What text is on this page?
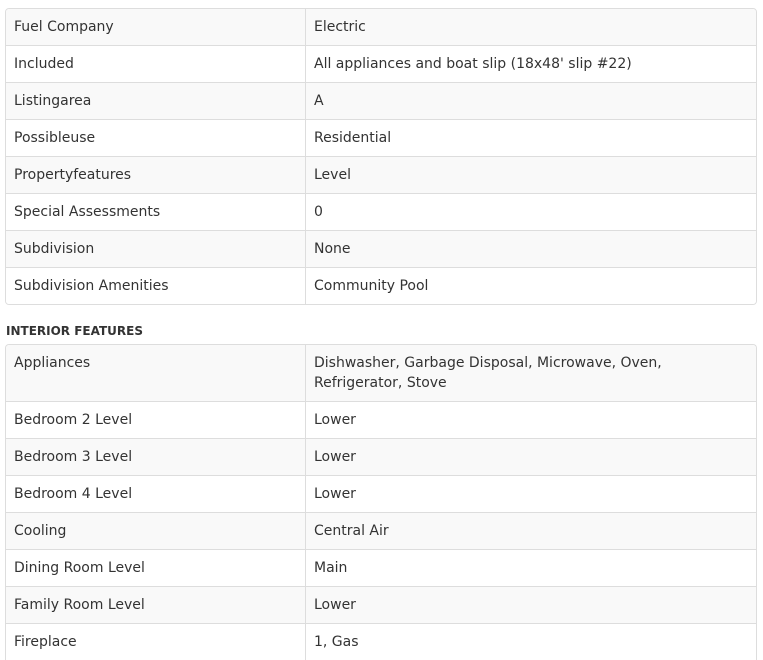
Fuel Company	Electric
Included	All appliances and boat slip (18x48' slip #22)
Listingarea	A
Possibleuse	Residential
Propertyfeatures	Level
Special Assessments	0
Subdivision	None
Subdivision Amenities	Community Pool
INTERIOR FEATURES
Appliances	Dishwasher, Garbage Disposal, Microwave, Oven, Refrigerator, Stove
Bedroom 2 Level	Lower
Bedroom 3 Level	Lower
Bedroom 4 Level	Lower
Cooling	Central Air
Dining Room Level	Main
Family Room Level	Lower
Fireplace	1, Gas
